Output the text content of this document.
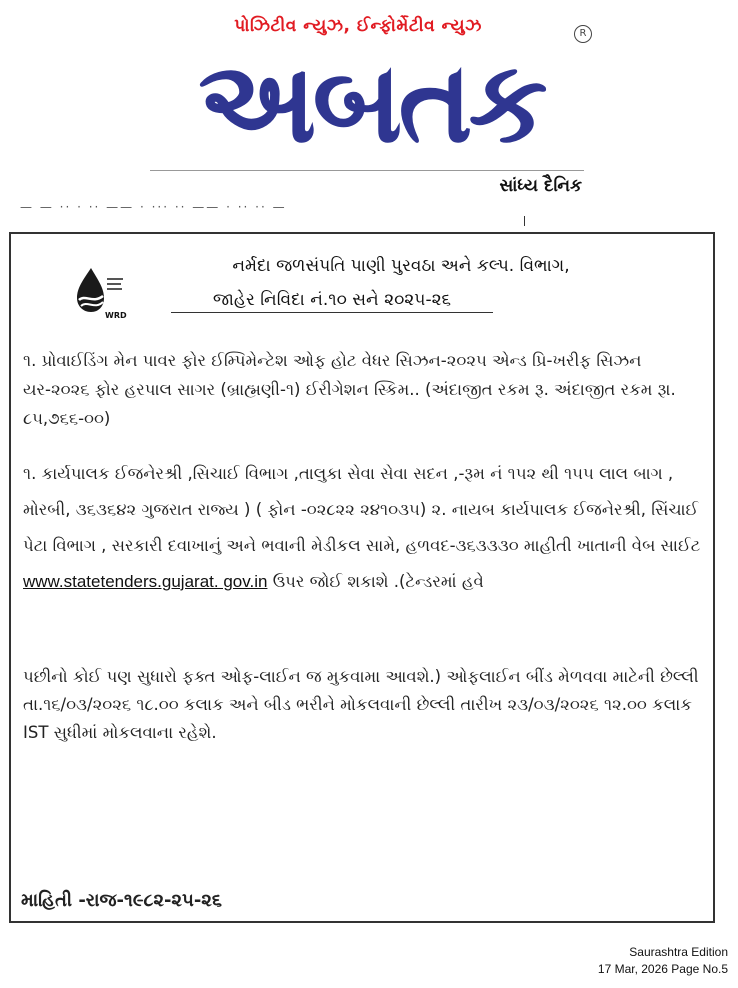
પોઝિટીવ ન્યુઝ, ઈન્ફોર્મેટીવ ન્યુઝ
અબતક
R
સાંધ્ય દૈનિક
— — ·· · ·· —— · ··· ·· —— · ·· ·· —
WRD
નર્મદા જળસંપતિ પાણી પુરવઠા અને કલ્પ. વિભાગ,
જાહેર નિવિદા નં.૧૦ સને ૨૦૨૫-૨૬
૧. પ્રોવાઈડિંગ મેન પાવર ફોર ઈમ્પિમેન્ટેશ ઓફ હોટ વેધર સિઝન-૨૦૨૫ એન્ડ પ્રિ-ખરીફ સિઝન યર-૨૦૨૬ ફોર હરપાલ સાગર (બ્રાહ્મણી-૧) ઈરીગેશન સ્કિમ.. (અંદાજીત રકમ રૂ. અંદાજીત રકમ રૂા. ૮૫,૭૬૬-૦૦)
૧. કાર્યપાલક ઈજનેરશ્રી ,સિચાઈ વિભાગ ,તાલુકા સેવા સેવા સદન ,-રૂમ નં ૧૫૨ થી ૧૫૫ લાલ બાગ , મોરબી, ૩૬૩૬૪૨ ગુજરાત રાજ્ય ) ( ફોન -૦૨૮૨૨ ૨૪૧૦૩૫) ૨. નાયબ કાર્યપાલક ઈજનેરશ્રી, સિંચાઈ પેટા વિભાગ , સરકારી દવાખાનું અને ભવાની મેડીકલ સામે, હળવદ-૩૬૩૩૩૦ માહીતી ખાતાની વેબ સાઈટ www.statetenders.gujarat. gov.in ઉપર જોઈ શકાશે .(ટેન્ડરમાં હવે
પછીનો કોઈ પણ સુધારો ફક્ત ઓફ-લાઈન જ મુકવામા આવશે.) ઓફલાઈન બીંડ મેળવવા માટેની છેલ્લી તા.૧૬/૦૩/૨૦૨૬ ૧૮.૦૦ કલાક અને બીડ ભરીને મોકલવાની છેલ્લી તારીખ ૨૩/૦૩/૨૦૨૬ ૧૨.૦૦ કલાક IST સુધીમાં મોકલવાના રહેશે.
માહિતી -રાજ-૧૯૮૨-૨૫-૨૬
Saurashtra Edition
17 Mar, 2026 Page No.5
